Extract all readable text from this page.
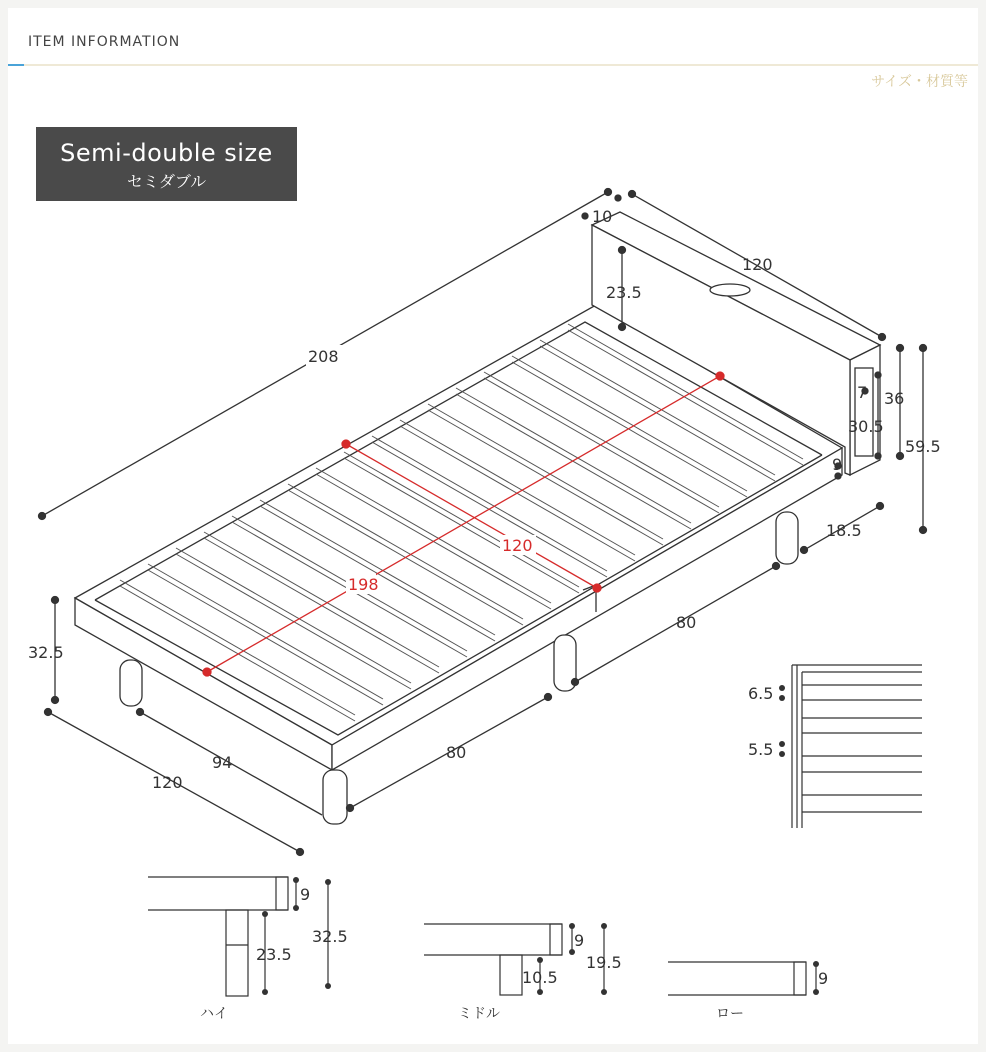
ITEM INFORMATION
サイズ・材質等
Semi-double size
セミダブル
208
10
120
23.5
7 36
30.5
59.5
9
18.5
198
120
80
32.5
94
80
120
6.5
5.5
9
23.5
32.5
ハイ
9
10.5
19.5
ミドル
9
ロー
